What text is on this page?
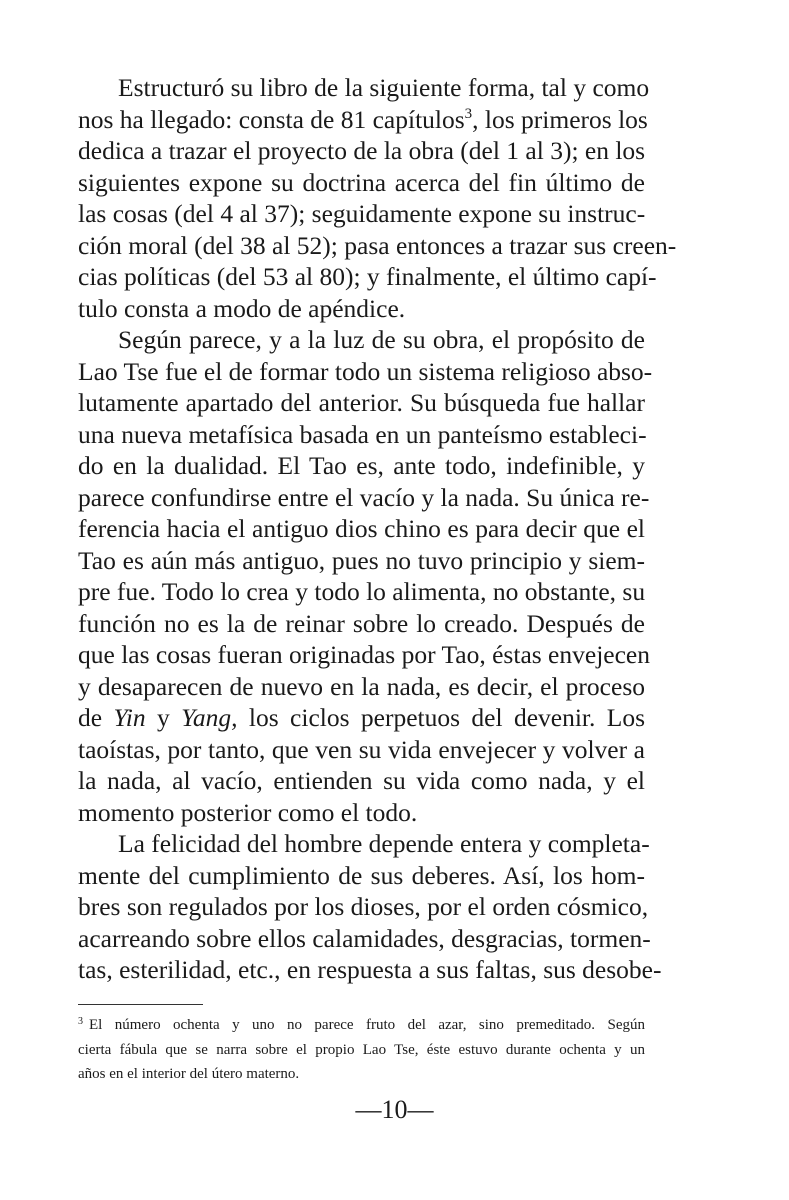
Estructuró su libro de la siguiente forma, tal y como
nos ha llegado: consta de 81 capítulos$^3$, los primeros los
dedica a trazar el proyecto de la obra (del 1 al 3); en los
siguientes expone su doctrina acerca del fin último de
las cosas (del 4 al 37); seguidamente expone su instruc-
ción moral (del 38 al 52); pasa entonces a trazar sus creen-
cias políticas (del 53 al 80); y finalmente, el último capí-
tulo consta a modo de apéndice.
Según parece, y a la luz de su obra, el propósito de
Lao Tse fue el de formar todo un sistema religioso abso-
lutamente apartado del anterior. Su búsqueda fue hallar
una nueva metafísica basada en un panteísmo estableci-
do en la dualidad. El Tao es, ante todo, indefinible, y
parece confundirse entre el vacío y la nada. Su única re-
ferencia hacia el antiguo dios chino es para decir que el
Tao es aún más antiguo, pues no tuvo principio y siem-
pre fue. Todo lo crea y todo lo alimenta, no obstante, su
función no es la de reinar sobre lo creado. Después de
que las cosas fueran originadas por Tao, éstas envejecen
y desaparecen de nuevo en la nada, es decir, el proceso
de Yin y Yang, los ciclos perpetuos del devenir. Los
taoístas, por tanto, que ven su vida envejecer y volver a
la nada, al vacío, entienden su vida como nada, y el
momento posterior como el todo.
La felicidad del hombre depende entera y completa-
mente del cumplimiento de sus deberes. Así, los hom-
bres son regulados por los dioses, por el orden cósmico,
acarreando sobre ellos calamidades, desgracias, tormen-
tas, esterilidad, etc., en respuesta a sus faltas, sus desobe-
$^3$ El número ochenta y uno no parece fruto del azar, sino premeditado. Según
cierta fábula que se narra sobre el propio Lao Tse, éste estuvo durante ochenta y un
años en el interior del útero materno.
—10—
